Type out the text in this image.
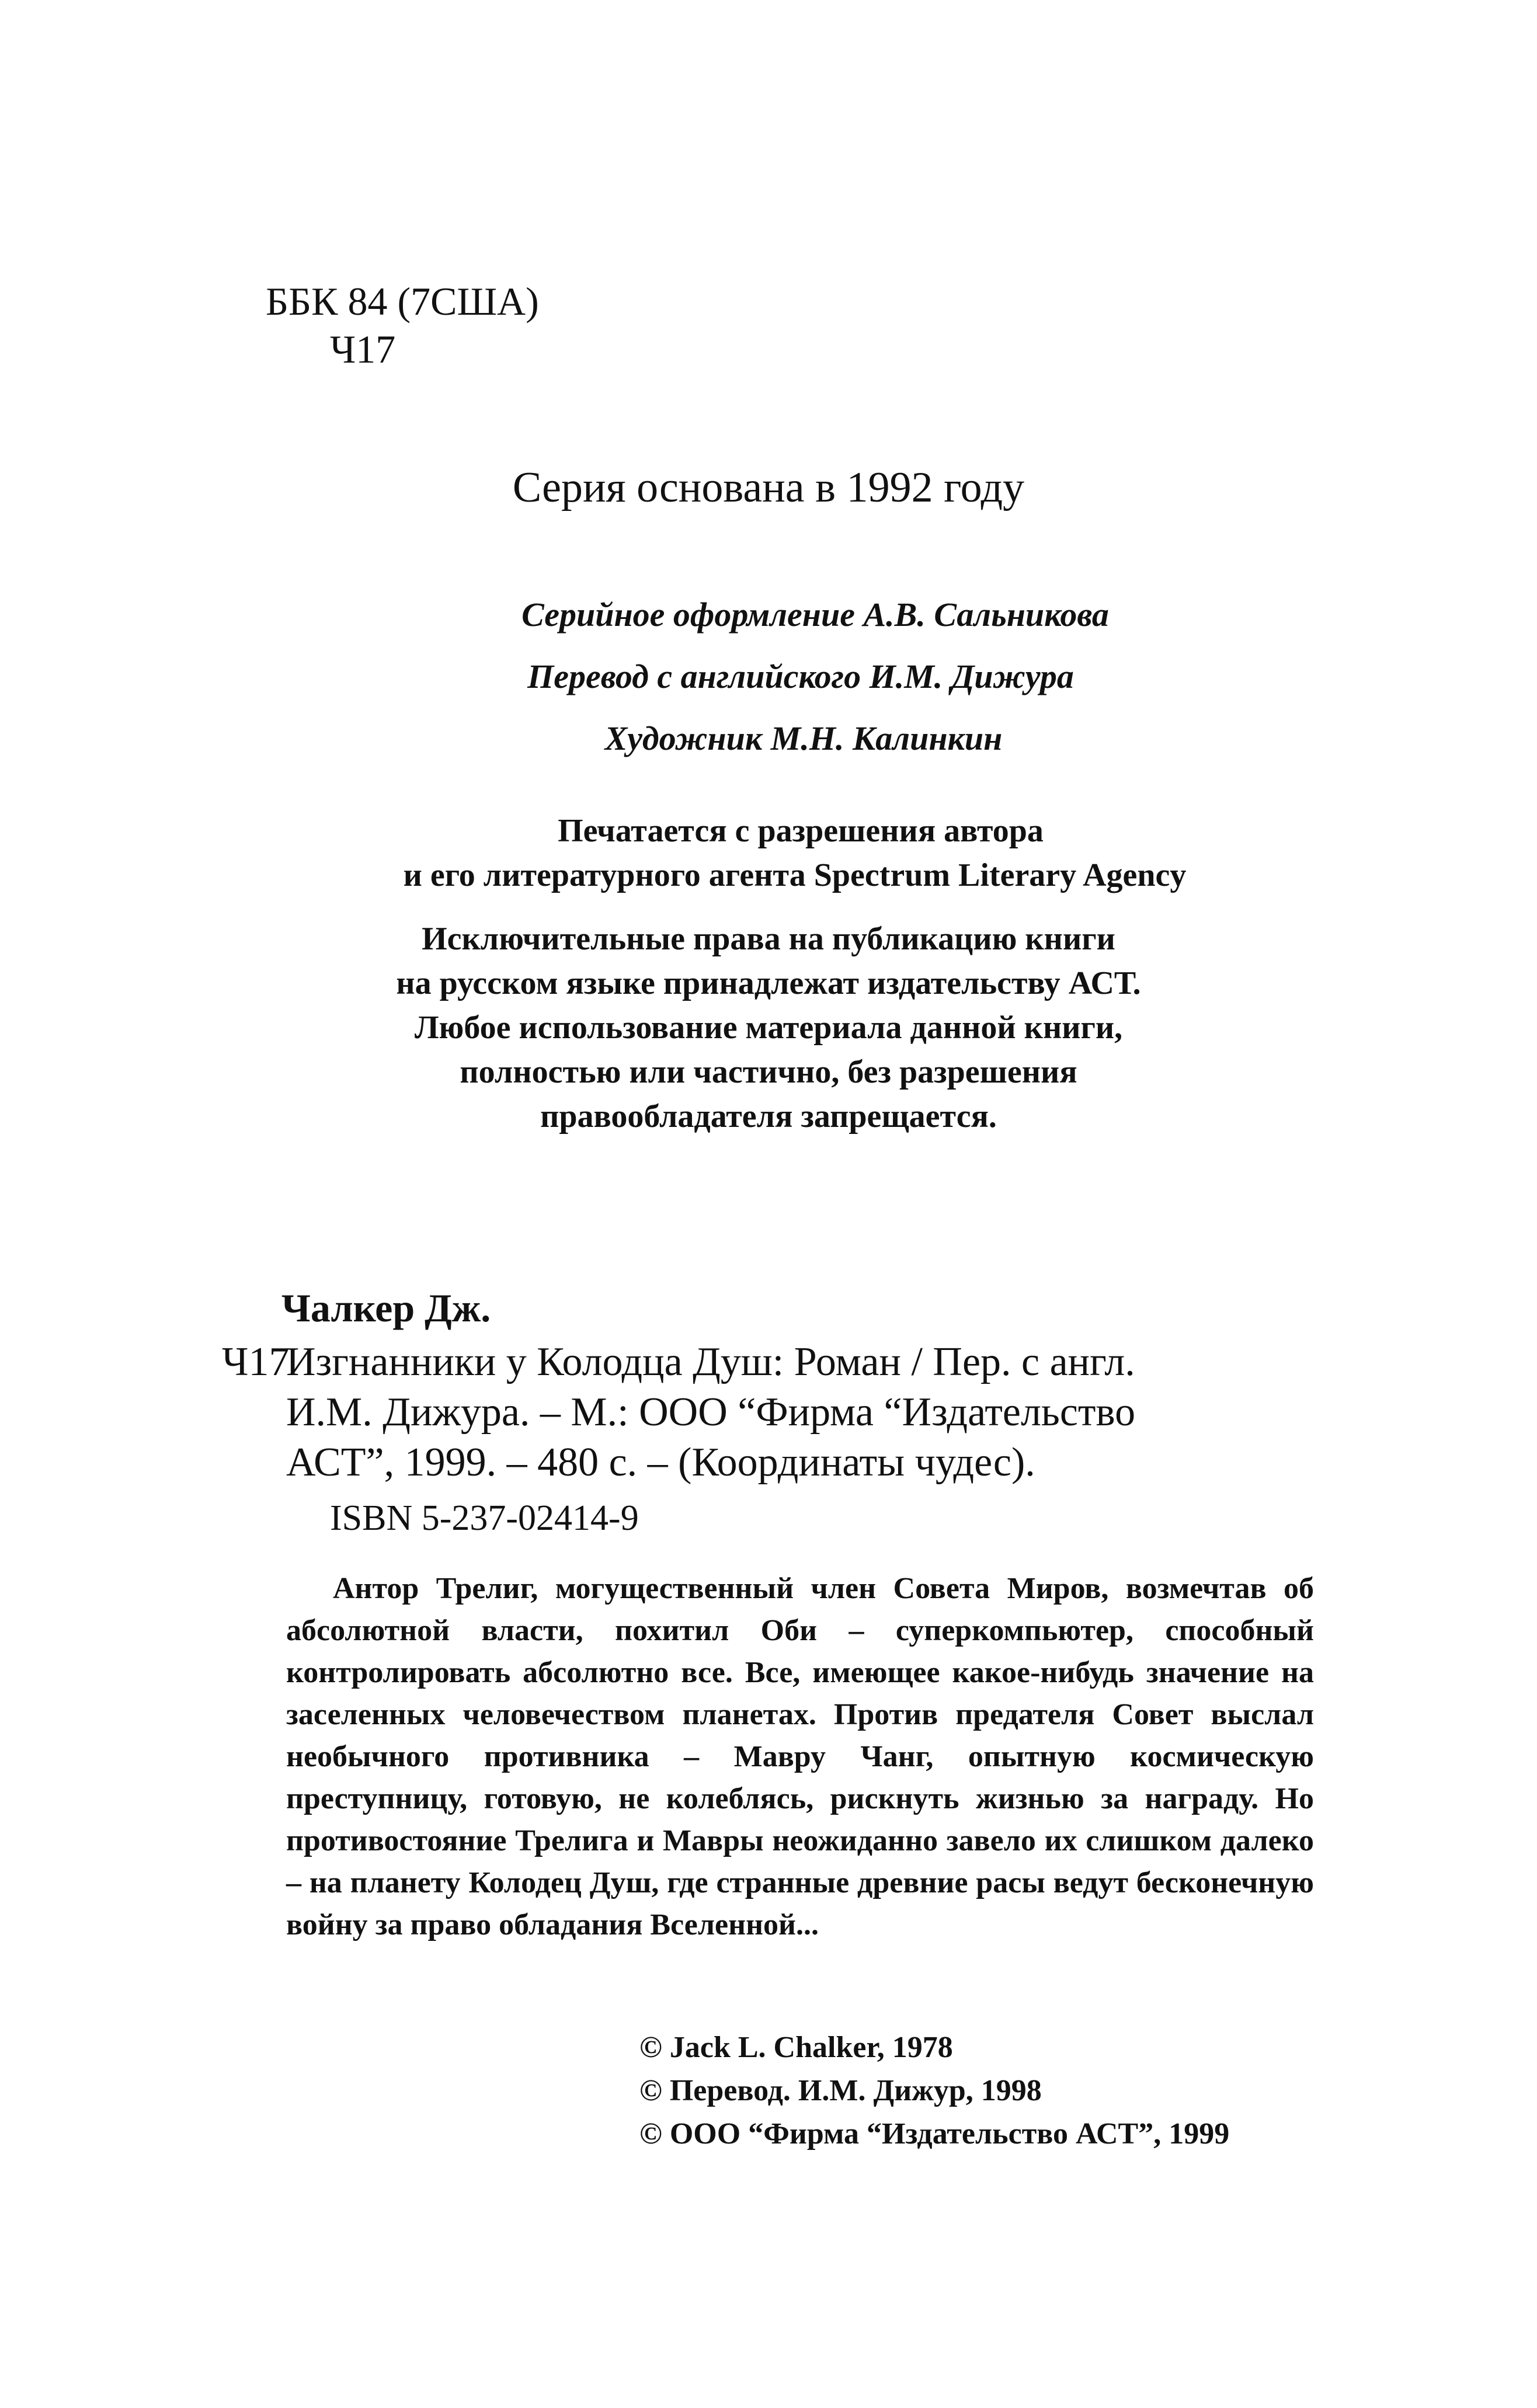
ББК 84 (7США)
Ч17
Серия основана в 1992 году
Серийное оформление А.В. Сальникова
Перевод с английского И.М. Дижура
Художник М.Н. Калинкин
Печатается с разрешения автора
и его литературного агента Spectrum Literary Agency
Исключительные права на публикацию книги
на русском языке принадлежат издательству АСТ.
Любое использование материала данной книги,
полностью или частично, без разрешения
правообладателя запрещается.
Чалкер Дж.
Ч17
Изгнанники у Колодца Душ: Роман / Пер. с англ.
И.М. Дижура. – М.: ООО “Фирма “Издательство
АСТ”, 1999. – 480 с. – (Координаты чудес).
ISBN 5-237-02414-9
Антор Трелиг, могущественный член Совета Миров, возмечтав об абсолютной власти, похитил Оби – суперкомпьютер, способный контролировать абсолютно все. Все, имеющее какое-нибудь значение на заселенных человечеством планетах. Против предателя Совет выслал необычного противника – Мавру Чанг, опытную космическую преступницу, готовую, не колеблясь, рискнуть жизнью за награду. Но противостояние Трелига и Мавры неожиданно завело их слишком далеко – на планету Колодец Душ, где странные древние расы ведут бесконечную войну за право обладания Вселенной...
© Jack L. Chalker, 1978
© Перевод. И.М. Дижур, 1998
© ООО “Фирма “Издательство АСТ”, 1999
